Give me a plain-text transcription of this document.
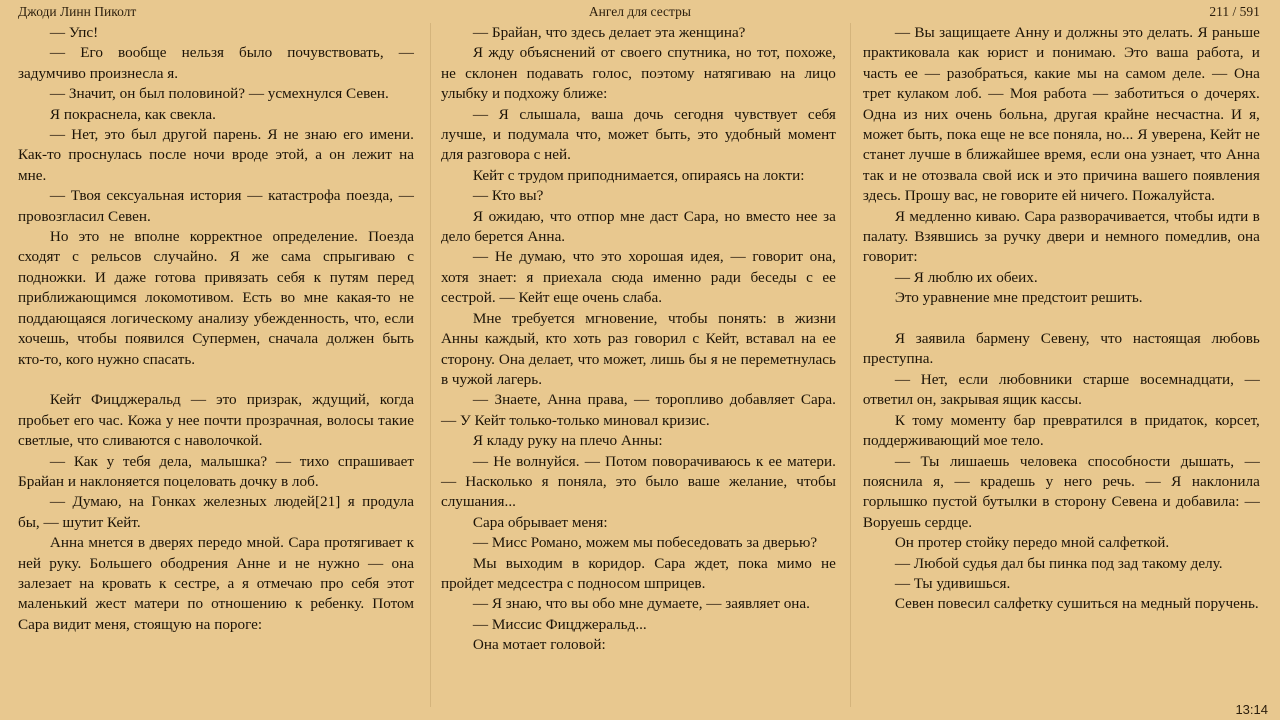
Джоди Линн Пиколт	Ангел для сестры	211 / 591

— Упс!

— Его вообще нельзя было почувствовать, — задумчиво произнесла я.

— Значит, он был половиной? — усмехнулся Севен.

Я покраснела, как свекла.

— Нет, это был другой парень. Я не знаю его имени. Как-то проснулась после ночи вроде этой, а он лежит на мне.

— Твоя сексуальная история — катастрофа поезда, — провозгласил Севен.

Но это не вполне корректное определение. Поезда сходят с рельсов случайно. Я же сама спрыгиваю с подножки. И даже готова привязать себя к путям перед приближающимся локомотивом. Есть во мне какая-то не поддающаяся логическому анализу убежденность, что, если хочешь, чтобы появился Супермен, сначала должен быть кто-то, кого нужно спасать.

Кейт Фицджеральд — это призрак, ждущий, когда пробьет его час. Кожа у нее почти прозрачная, волосы такие светлые, что сливаются с наволочкой.

— Как у тебя дела, малышка? — тихо спрашивает Брайан и наклоняется поцеловать дочку в лоб.

— Думаю, на Гонках железных людей[21] я продула бы, — шутит Кейт.

Анна мнется в дверях передо мной. Сара протягивает к ней руку. Большего ободрения Анне и не нужно — она залезает на кровать к сестре, а я отмечаю про себя этот маленький жест матери по отношению к ребенку. Потом Сара видит меня, стоящую на пороге:

— Брайан, что здесь делает эта женщина?

Я жду объяснений от своего спутника, но тот, похоже, не склонен подавать голос, поэтому натягиваю на лицо улыбку и подхожу ближе:

— Я слышала, ваша дочь сегодня чувствует себя лучше, и подумала что, может быть, это удобный момент для разговора с ней.

Кейт с трудом приподнимается, опираясь на локти:

— Кто вы?

Я ожидаю, что отпор мне даст Сара, но вместо нее за дело берется Анна.

— Не думаю, что это хорошая идея, — говорит она, хотя знает: я приехала сюда именно ради беседы с ее сестрой. — Кейт еще очень слаба.

Мне требуется мгновение, чтобы понять: в жизни Анны каждый, кто хоть раз говорил с Кейт, вставал на ее сторону. Она делает, что может, лишь бы я не переметнулась в чужой лагерь.

— Знаете, Анна права, — торопливо добавляет Сара. — У Кейт только-только миновал кризис.

Я кладу руку на плечо Анны:

— Не волнуйся. — Потом поворачиваюсь к ее матери. — Насколько я поняла, это было ваше желание, чтобы слушания...

Сара обрывает меня:

— Мисс Романо, можем мы побеседовать за дверью?

Мы выходим в коридор. Сара ждет, пока мимо не пройдет медсестра с подносом шприцев.

— Я знаю, что вы обо мне думаете, — заявляет она.

— Миссис Фицджеральд...

Она мотает головой:

— Вы защищаете Анну и должны это делать. Я раньше практиковала как юрист и понимаю. Это ваша работа, и часть ее — разобраться, какие мы на самом деле. — Она трет кулаком лоб. — Моя работа — заботиться о дочерях. Одна из них очень больна, другая крайне несчастна. И я, может быть, пока еще не все поняла, но... Я уверена, Кейт не станет лучше в ближайшее время, если она узнает, что Анна так и не отозвала свой иск и это причина вашего появления здесь. Прошу вас, не говорите ей ничего. Пожалуйста.

Я медленно киваю. Сара разворачивается, чтобы идти в палату. Взявшись за ручку двери и немного помедлив, она говорит:

— Я люблю их обеих.

Это уравнение мне предстоит решить.

Я заявила бармену Севену, что настоящая любовь преступна.

— Нет, если любовники старше восемнадцати, — ответил он, закрывая ящик кассы.

К тому моменту бар превратился в придаток, корсет, поддерживающий мое тело.

— Ты лишаешь человека способности дышать, — пояснила я, — крадешь у него речь. — Я наклонила горлышко пустой бутылки в сторону Севена и добавила: — Воруешь сердце.

Он протер стойку передо мной салфеткой.

— Любой судья дал бы пинка под зад такому делу.

— Ты удивишься.

Севен повесил салфетку сушиться на медный поручень.

13:14
